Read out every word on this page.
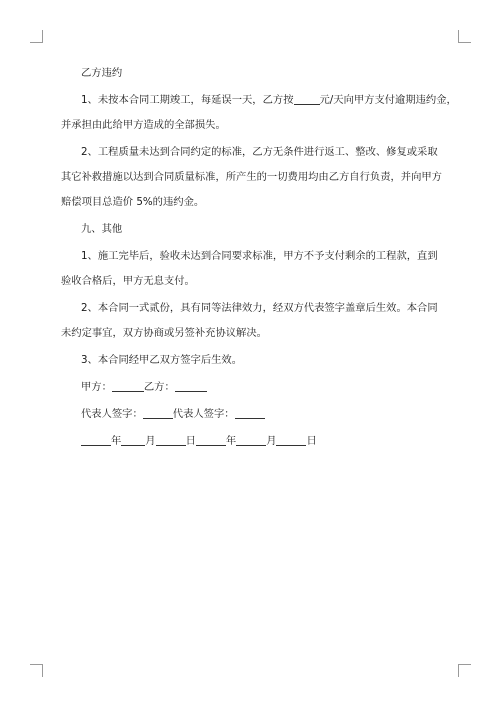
乙方违约
1、未按本合同工期竣工，每延误一天，乙方按	元/天向甲方支付逾期违约金，
并承担由此给甲方造成的全部损失。
2、工程质量未达到合同约定的标准，乙方无条件进行返工、整改、修复或采取
其它补救措施以达到合同质量标准，所产生的一切费用均由乙方自行负责，并向甲方
赔偿项目总造价 5%的违约金。
九、其他
1、施工完毕后，验收未达到合同要求标准，甲方不予支付剩余的工程款，直到
验收合格后，甲方无息支付。
2、本合同一式贰份，具有同等法律效力，经双方代表签字盖章后生效。本合同
未约定事宜，双方协商或另签补充协议解决。
3、本合同经甲乙双方签字后生效。
甲方：	乙方：
代表人签字：	代表人签字：
年 月	日	年	月	日
